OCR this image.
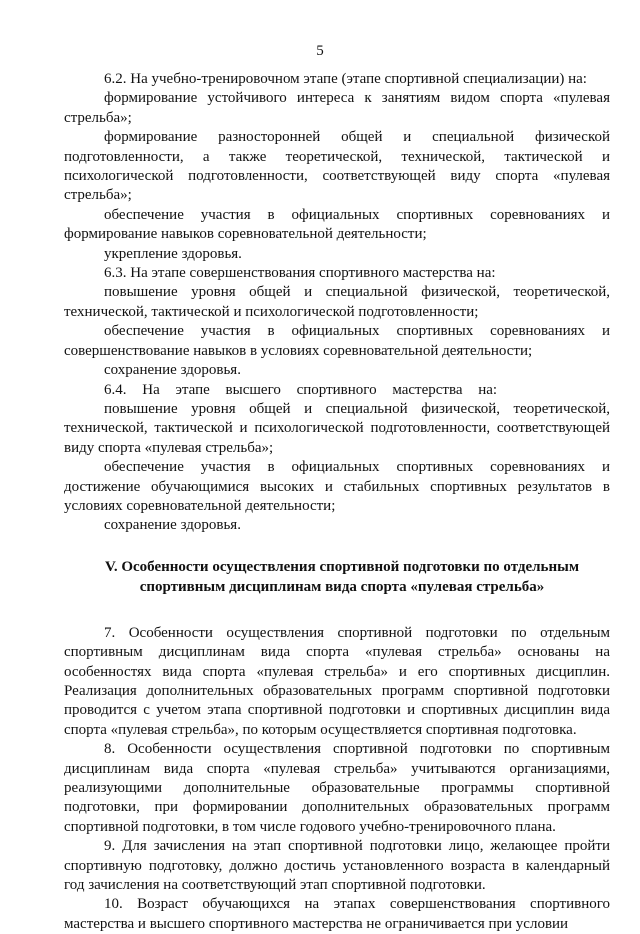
5

6.2. На учебно-тренировочном этапе (этапе спортивной специализации) на:

формирование устойчивого интереса к занятиям видом спорта «пулевая стрельба»;

формирование разносторонней общей и специальной физической подготовленности, а также теоретической, технической, тактической и психологической подготовленности, соответствующей виду спорта «пулевая стрельба»;

обеспечение участия в официальных спортивных соревнованиях и формирование навыков соревновательной деятельности;

укрепление здоровья.

6.3. На этапе совершенствования спортивного мастерства на:

повышение уровня общей и специальной физической, теоретической, технической, тактической и психологической подготовленности;

обеспечение участия в официальных спортивных соревнованиях и совершенствование навыков в условиях соревновательной деятельности;

сохранение здоровья.

6.4. На этапе высшего спортивного мастерства на:

повышение уровня общей и специальной физической, теоретической, технической, тактической и психологической подготовленности, соответствующей виду спорта «пулевая стрельба»;

обеспечение участия в официальных спортивных соревнованиях и достижение обучающимися высоких и стабильных спортивных результатов в условиях соревновательной деятельности;

сохранение здоровья.

V. Особенности осуществления спортивной подготовки по отдельным спортивным дисциплинам вида спорта «пулевая стрельба»

7. Особенности осуществления спортивной подготовки по отдельным спортивным дисциплинам вида спорта «пулевая стрельба» основаны на особенностях вида спорта «пулевая стрельба» и его спортивных дисциплин. Реализация дополнительных образовательных программ спортивной подготовки проводится с учетом этапа спортивной подготовки и спортивных дисциплин вида спорта «пулевая стрельба», по которым осуществляется спортивная подготовка.

8. Особенности осуществления спортивной подготовки по спортивным дисциплинам вида спорта «пулевая стрельба» учитываются организациями, реализующими дополнительные образовательные программы спортивной подготовки, при формировании дополнительных образовательных программ спортивной подготовки, в том числе годового учебно-тренировочного плана.

9. Для зачисления на этап спортивной подготовки лицо, желающее пройти спортивную подготовку, должно достичь установленного возраста в календарный год зачисления на соответствующий этап спортивной подготовки.

10. Возраст обучающихся на этапах совершенствования спортивного мастерства и высшего спортивного мастерства не ограничивается при условии
